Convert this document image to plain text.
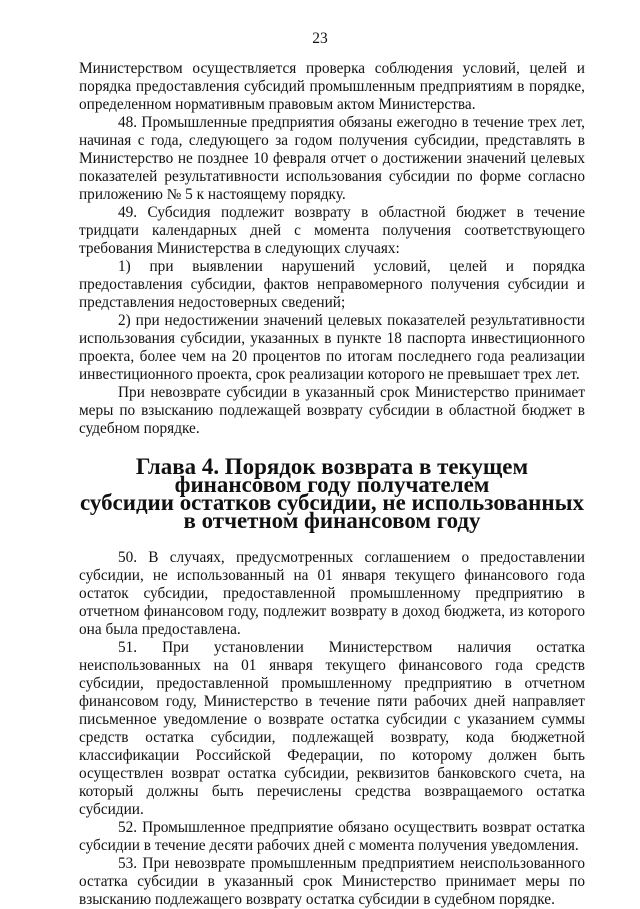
23

Министерством осуществляется проверка соблюдения условий, целей и порядка предоставления субсидий промышленным предприятиям в порядке, определенном нормативным правовым актом Министерства.

48. Промышленные предприятия обязаны ежегодно в течение трех лет, начиная с года, следующего за годом получения субсидии, представлять в Министерство не позднее 10 февраля отчет о достижении значений целевых показателей результативности использования субсидии по форме согласно приложению № 5 к настоящему порядку.

49. Субсидия подлежит возврату в областной бюджет в течение тридцати календарных дней с момента получения соответствующего требования Министерства в следующих случаях:

1) при выявлении нарушений условий, целей и порядка предоставления субсидии, фактов неправомерного получения субсидии и представления недостоверных сведений;

2) при недостижении значений целевых показателей результативности использования субсидии, указанных в пункте 18 паспорта инвестиционного проекта, более чем на 20 процентов по итогам последнего года реализации инвестиционного проекта, срок реализации которого не превышает трех лет.

При невозврате субсидии в указанный срок Министерство принимает меры по взысканию подлежащей возврату субсидии в областной бюджет в судебном порядке.

Глава 4. Порядок возврата в текущем финансовом году получателем
субсидии остатков субсидии, не использованных
в отчетном финансовом году

50. В случаях, предусмотренных соглашением о предоставлении субсидии, не использованный на 01 января текущего финансового года остаток субсидии, предоставленной промышленному предприятию в отчетном финансовом году, подлежит возврату в доход бюджета, из которого она была предоставлена.

51. При установлении Министерством наличия остатка неиспользованных на 01 января текущего финансового года средств субсидии, предоставленной промышленному предприятию в отчетном финансовом году, Министерство в течение пяти рабочих дней направляет письменное уведомление о возврате остатка субсидии с указанием суммы средств остатка субсидии, подлежащей возврату, кода бюджетной классификации Российской Федерации, по которому должен быть осуществлен возврат остатка субсидии, реквизитов банковского счета, на который должны быть перечислены средства возвращаемого остатка субсидии.

52. Промышленное предприятие обязано осуществить возврат остатка субсидии в течение десяти рабочих дней с момента получения уведомления.

53. При невозврате промышленным предприятием неиспользованного остатка субсидии в указанный срок Министерство принимает меры по взысканию подлежащего возврату остатка субсидии в судебном порядке.
